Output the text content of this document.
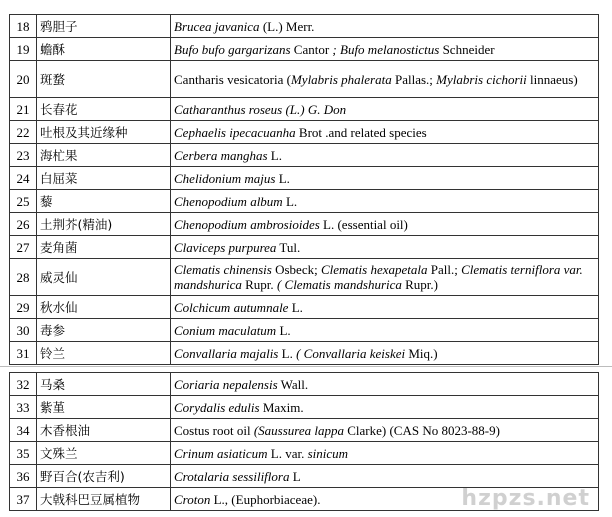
18	鸦胆子	Brucea javanica (L.) Merr.
19	蟾酥	Bufo bufo gargarizans Cantor ; Bufo melanostictus Schneider
20	斑蝥	Cantharis vesicatoria (Mylabris phalerata Pallas.; Mylabris cichorii linnaeus)
21	长春花	Catharanthus roseus (L.) G. Don
22	吐根及其近缘种	Cephaelis ipecacuanha Brot .and related species
23	海杧果	Cerbera manghas L.
24	白屈菜	Chelidonium majus L.
25	藜	Chenopodium album L.
26	土荆芥(精油)	Chenopodium ambrosioides L. (essential oil)
27	麦角菌	Claviceps purpurea Tul.
28	威灵仙	Clematis chinensis Osbeck; Clematis hexapetala Pall.; Clematis terniflora var. mandshurica Rupr. ( Clematis mandshurica Rupr.)
29	秋水仙	Colchicum autumnale L.
30	毒参	Conium maculatum L.
31	铃兰	Convallaria majalis L. ( Convallaria keiskei Miq.)
32	马桑	Coriaria nepalensis Wall.
33	紫堇	Corydalis edulis Maxim.
34	木香根油	Costus root oil (Saussurea lappa Clarke) (CAS No 8023-88-9)
35	文殊兰	Crinum asiaticum L. var. sinicum
36	野百合(农吉利)	Crotalaria sessiliflora L
37	大戟科巴豆属植物	Croton L., (Euphorbiaceae).	hzpzs.net
